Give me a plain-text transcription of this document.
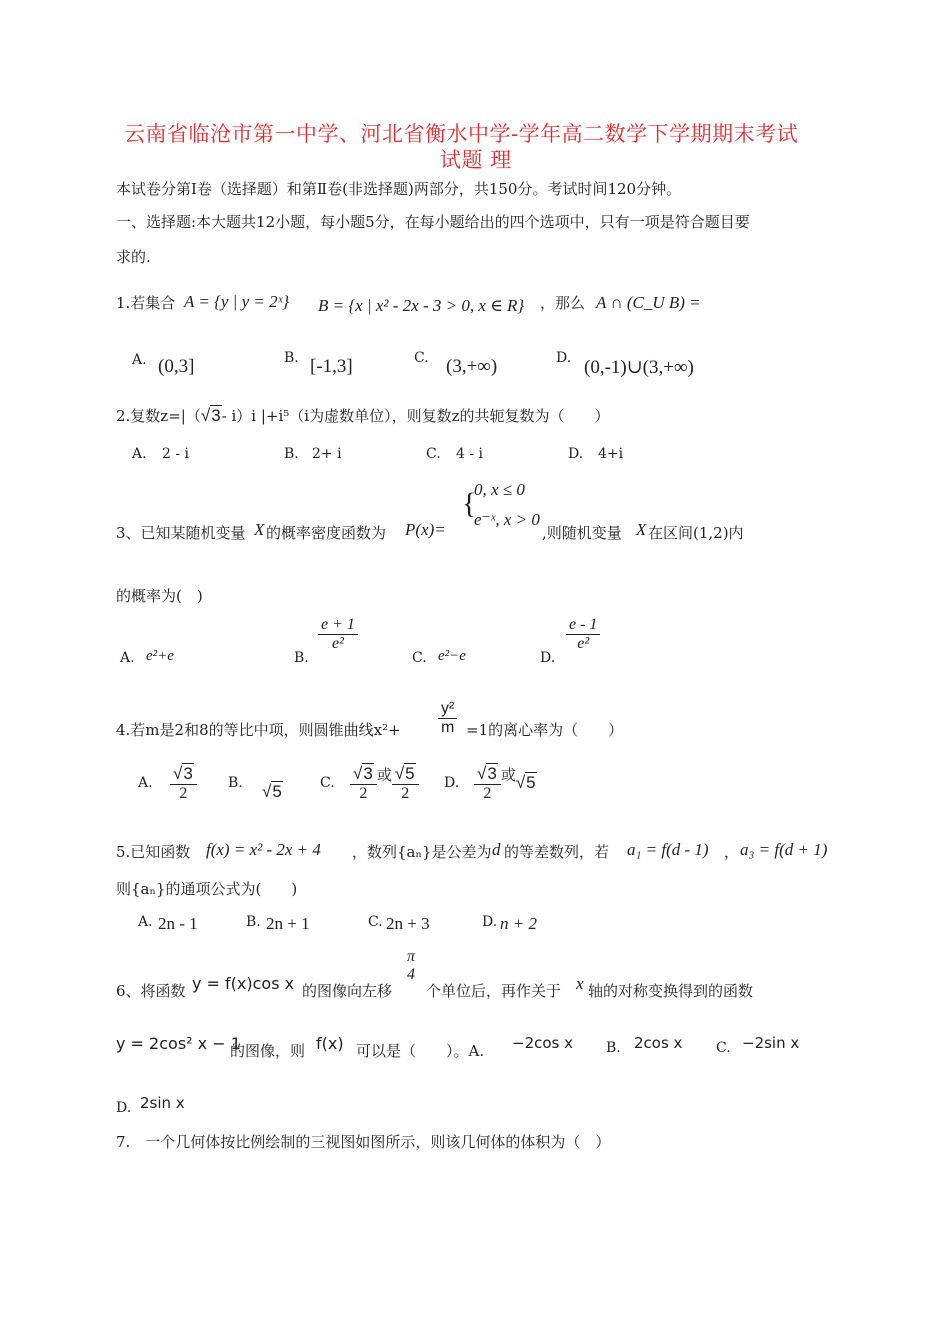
云南省临沧市第一中学、河北省衡水中学-学年高二数学下学期期末考试
试题 理
本试卷分第Ⅰ卷（选择题）和第Ⅱ卷(非选择题)两部分，共150分。考试时间120分钟。
一、选择题:本大题共12小题，每小题5分，在每小题给出的四个选项中，只有一项是符合题目要
求的.
1.若集合 A = {y | y = 2ˣ} B = {x | x² - 2x - 3 > 0, x ∈ R} ，那么 A ∩ (C_U B) =
A. (0,3]	B. [-1,3]	C. (3,+∞)	D. (0,-1)∪(3,+∞)
2.复数z=|（√3- i）i |+i⁵（i为虚数单位），则复数z的共轭复数为（　　）
A. 2 - i	B. 2+ i	C. 4 - i	D. 4+i
3、已知某随机变量 X 的概率密度函数为 P(x)=
{
0, x ≤ 0
e⁻ˣ, x > 0
,则随机变量 X 在区间(1,2)内
的概率为(　)
A. e²+e	B.
$\frac{e + 1}{\text{e²}}$
C. e²−e	D.
$\frac{e - 1}{\text{e²}}$
4.若m是2和8的等比中项，则圆锥曲线$x^2+ \frac{\text{y²}}{m} =1$的离心率为（　　）
A. $\frac{√3}{2} B$. √5	C. $\frac{√3}{2}$ 或 $\frac{√5}{2} D$. $\frac{√3}{2}$ 或√5
5.已知函数 f(x) = x² - 2x + 4 ，数列{aₙ}是公差为 d 的等差数列，若 a₁ = f(d - 1) ， a₃ = f(d + 1)
则{aₙ}的通项公式为(　　)
A. 2n - 1	B. 2n + 1	C. 2n + 3	D. n + 2
6、将函数 y = f(x)cos x 的图像向左移
π
4
个单位后，再作关于 x 轴的对称变换得到的函数
y = 2cos² x − 1
的图像，则 f(x) 可以是（　　）。A. −2cos x B. 2cos x C. −2sin x
D. 2sin x
7.　一个几何体按比例绘制的三视图如图所示，则该几何体的体积为（　）
